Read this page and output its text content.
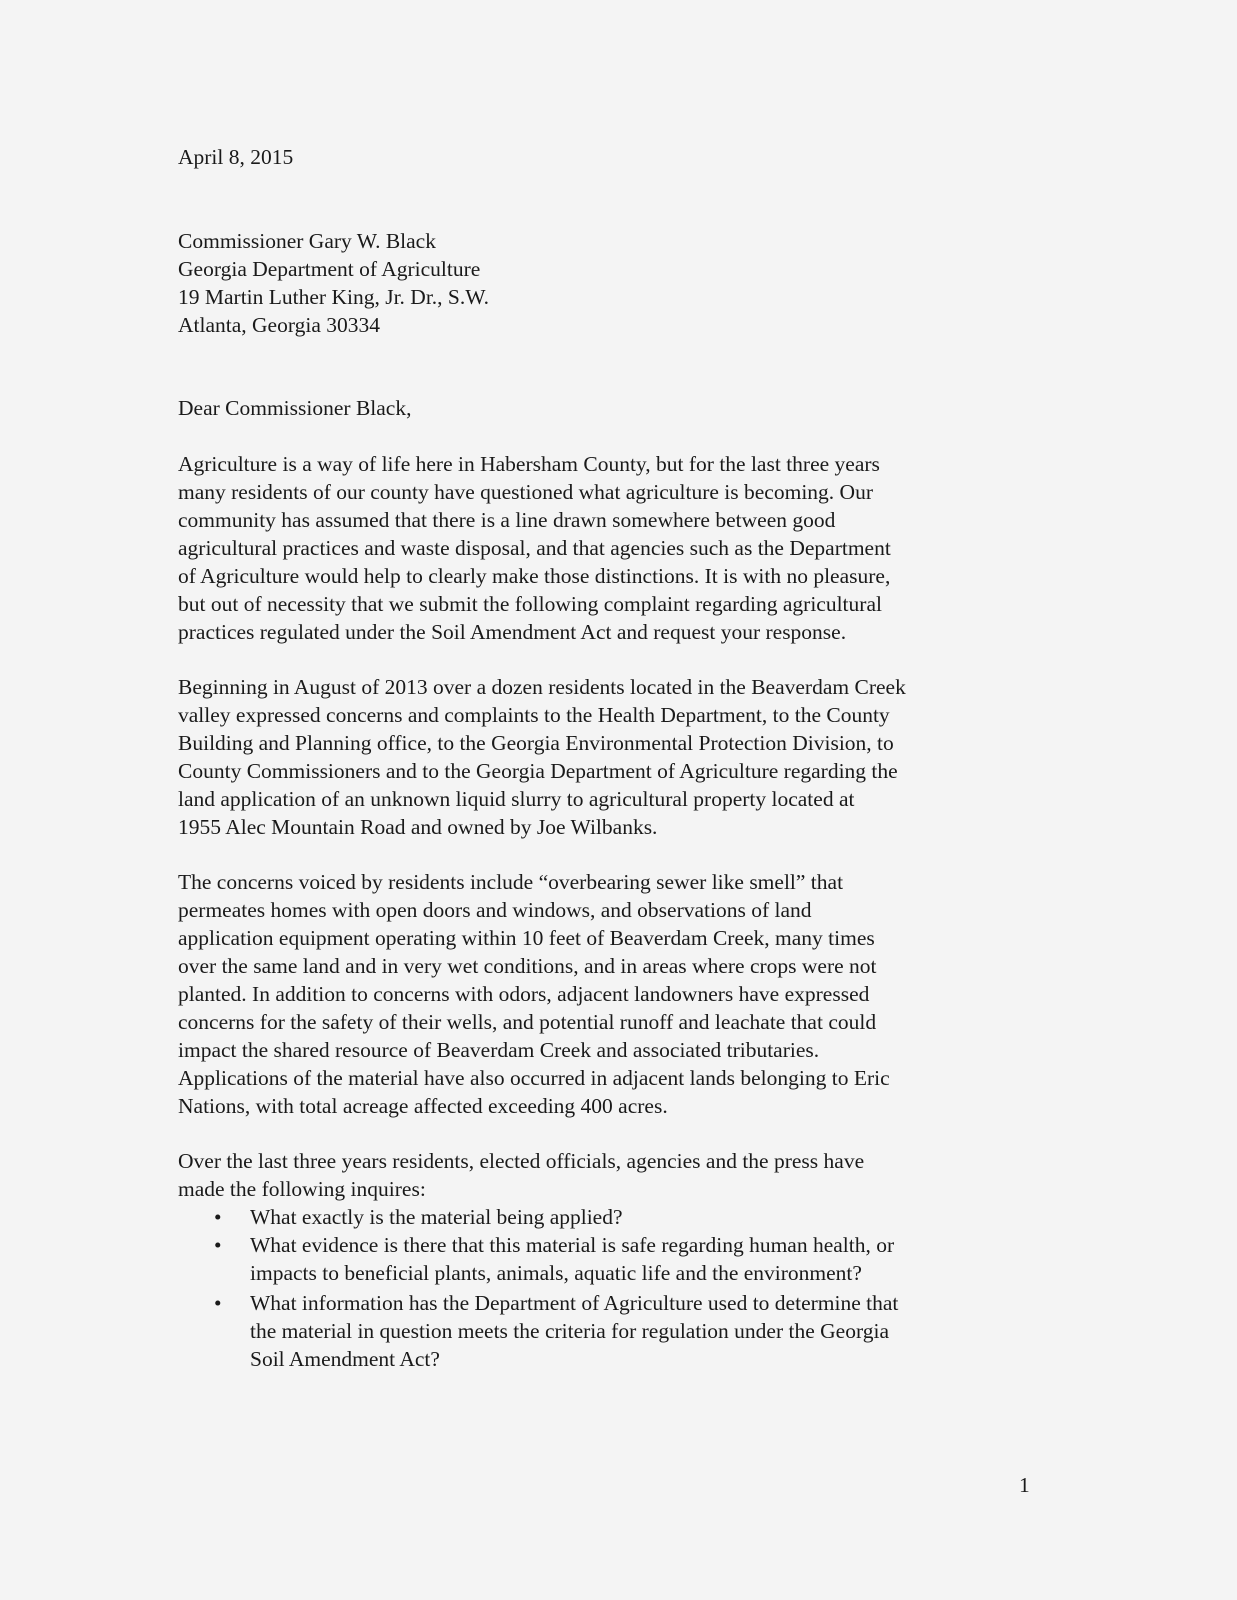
April 8, 2015
Commissioner Gary W. Black
Georgia Department of Agriculture
19 Martin Luther King, Jr. Dr., S.W.
Atlanta, Georgia 30334
Dear Commissioner Black,
Agriculture is a way of life here in Habersham County, but for the last three years
many residents of our county have questioned what agriculture is becoming. Our
community has assumed that there is a line drawn somewhere between good
agricultural practices and waste disposal, and that agencies such as the Department
of Agriculture would help to clearly make those distinctions. It is with no pleasure,
but out of necessity that we submit the following complaint regarding agricultural
practices regulated under the Soil Amendment Act and request your response.
Beginning in August of 2013 over a dozen residents located in the Beaverdam Creek
valley expressed concerns and complaints to the Health Department, to the County
Building and Planning office, to the Georgia Environmental Protection Division, to
County Commissioners and to the Georgia Department of Agriculture regarding the
land application of an unknown liquid slurry to agricultural property located at
1955 Alec Mountain Road and owned by Joe Wilbanks.
The concerns voiced by residents include “overbearing sewer like smell” that
permeates homes with open doors and windows, and observations of land
application equipment operating within 10 feet of Beaverdam Creek, many times
over the same land and in very wet conditions, and in areas where crops were not
planted. In addition to concerns with odors, adjacent landowners have expressed
concerns for the safety of their wells, and potential runoff and leachate that could
impact the shared resource of Beaverdam Creek and associated tributaries.
Applications of the material have also occurred in adjacent lands belonging to Eric
Nations, with total acreage affected exceeding 400 acres.
Over the last three years residents, elected officials, agencies and the press have
made the following inquires:
• What exactly is the material being applied?
• What evidence is there that this material is safe regarding human health, or
impacts to beneficial plants, animals, aquatic life and the environment?
• What information has the Department of Agriculture used to determine that
the material in question meets the criteria for regulation under the Georgia
Soil Amendment Act?
1
